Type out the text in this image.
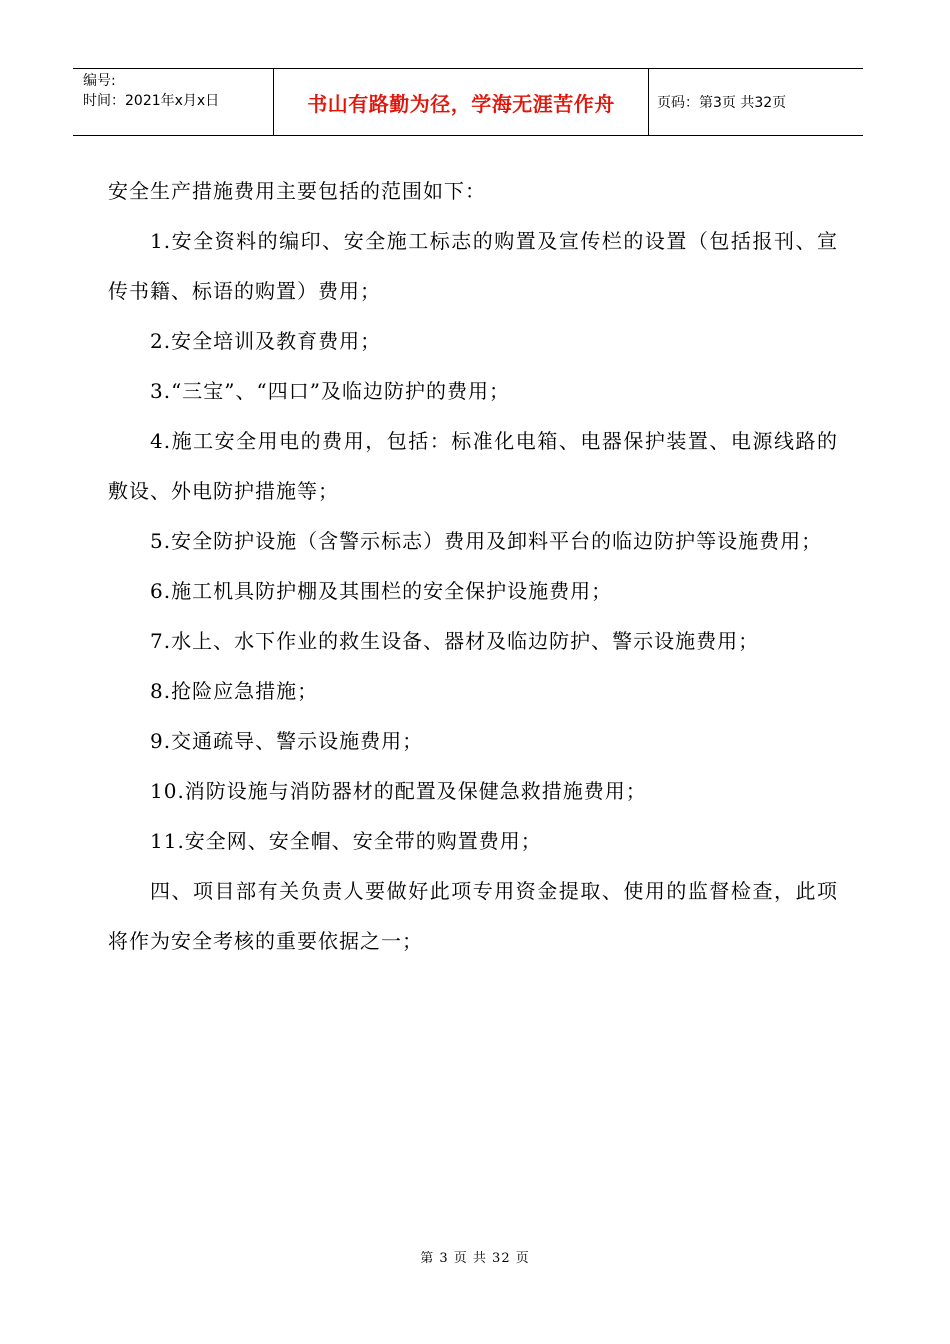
编号:
时间：2021年x月x日	书山有路勤为径，学海无涯苦作舟	页码：第3页 共32页

安全生产措施费用主要包括的范围如下：

1.安全资料的编印、安全施工标志的购置及宣传栏的设置（包括报刊、宣传书籍、标语的购置）费用；

2.安全培训及教育费用；

3.“三宝”、“四口”及临边防护的费用；

4.施工安全用电的费用，包括：标准化电箱、电器保护装置、电源线路的敷设、外电防护措施等；

5.安全防护设施（含警示标志）费用及卸料平台的临边防护等设施费用；

6.施工机具防护棚及其围栏的安全保护设施费用；

7.水上、水下作业的救生设备、器材及临边防护、警示设施费用；

8.抢险应急措施；

9.交通疏导、警示设施费用；

10.消防设施与消防器材的配置及保健急救措施费用；

11.安全网、安全帽、安全带的购置费用；

四、项目部有关负责人要做好此项专用资金提取、使用的监督检查，此项将作为安全考核的重要依据之一；

第 3 页 共 32 页
